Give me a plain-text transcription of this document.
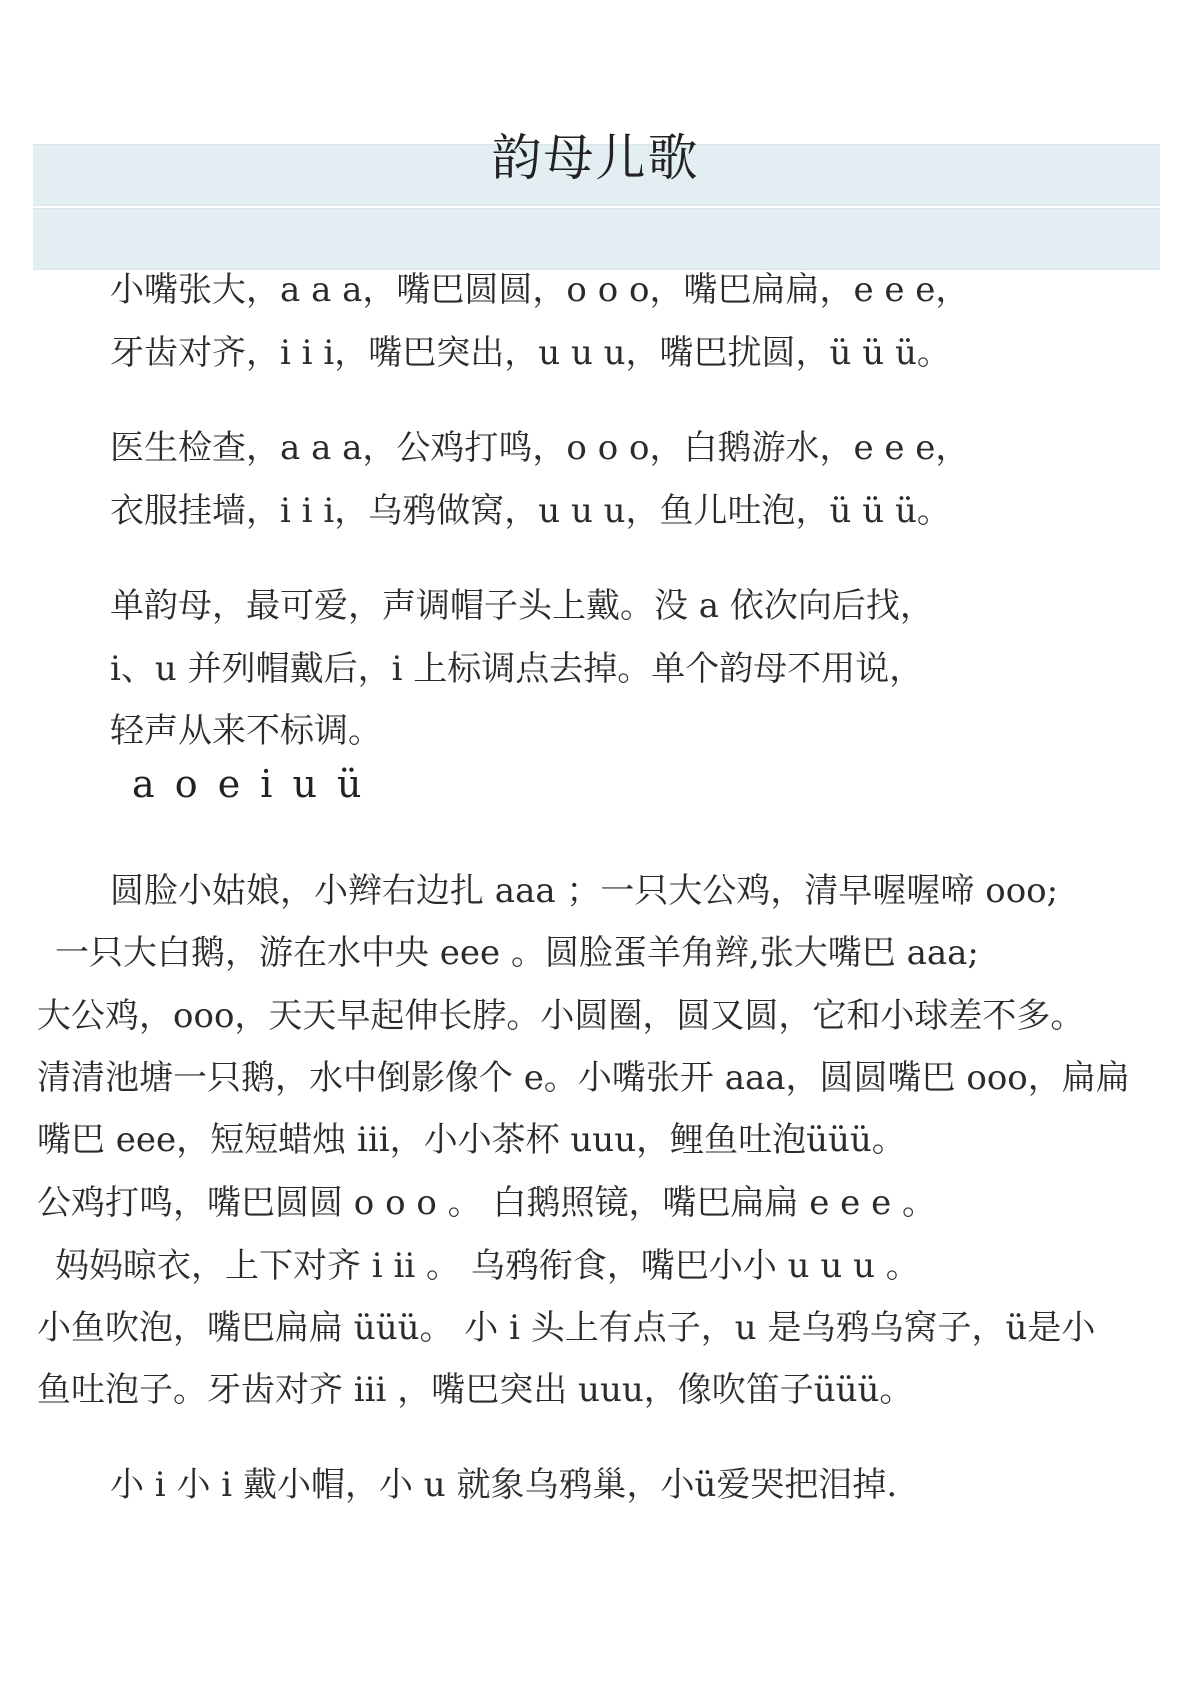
韵母儿歌

小嘴张大，a a a，嘴巴圆圆，o o o，嘴巴扁扁，e e e，

牙齿对齐，i i i，嘴巴突出，u u u，嘴巴扰圆，ü ü ü。

医生检查，a a a，公鸡打鸣，o o o，白鹅游水，e e e，

衣服挂墙，i i i，乌鸦做窝，u u u，鱼儿吐泡，ü ü ü。

单韵母，最可爱，声调帽子头上戴。没 a 依次向后找，

i、u 并列帽戴后，i 上标调点去掉。单个韵母不用说，

轻声从来不标调。

a o e i u ü

圆脸小姑娘，小辫右边扎 aaa ；一只大公鸡，清早喔喔啼 ooo;

一只大白鹅，游在水中央 eee 。圆脸蛋羊角辫,张大嘴巴 aaa;

大公鸡，ooo，天天早起伸长脖。小圆圈，圆又圆，它和小球差不多。

清清池塘一只鹅，水中倒影像个 e。小嘴张开 aaa，圆圆嘴巴 ooo，扁扁

嘴巴 eee，短短蜡烛 iii，小小茶杯 uuu，鲤鱼吐泡üüü。

公鸡打鸣，嘴巴圆圆 o o o 。 白鹅照镜，嘴巴扁扁 e e e 。

妈妈晾衣，上下对齐 i ii 。 乌鸦衔食，嘴巴小小 u u u 。

小鱼吹泡，嘴巴扁扁 üüü。 小 i 头上有点子，u 是乌鸦乌窝子，ü是小

鱼吐泡子。牙齿对齐 iii ，嘴巴突出 uuu，像吹笛子üüü。

小 i 小 i 戴小帽，小 u 就象乌鸦巢，小ü爱哭把泪掉.
